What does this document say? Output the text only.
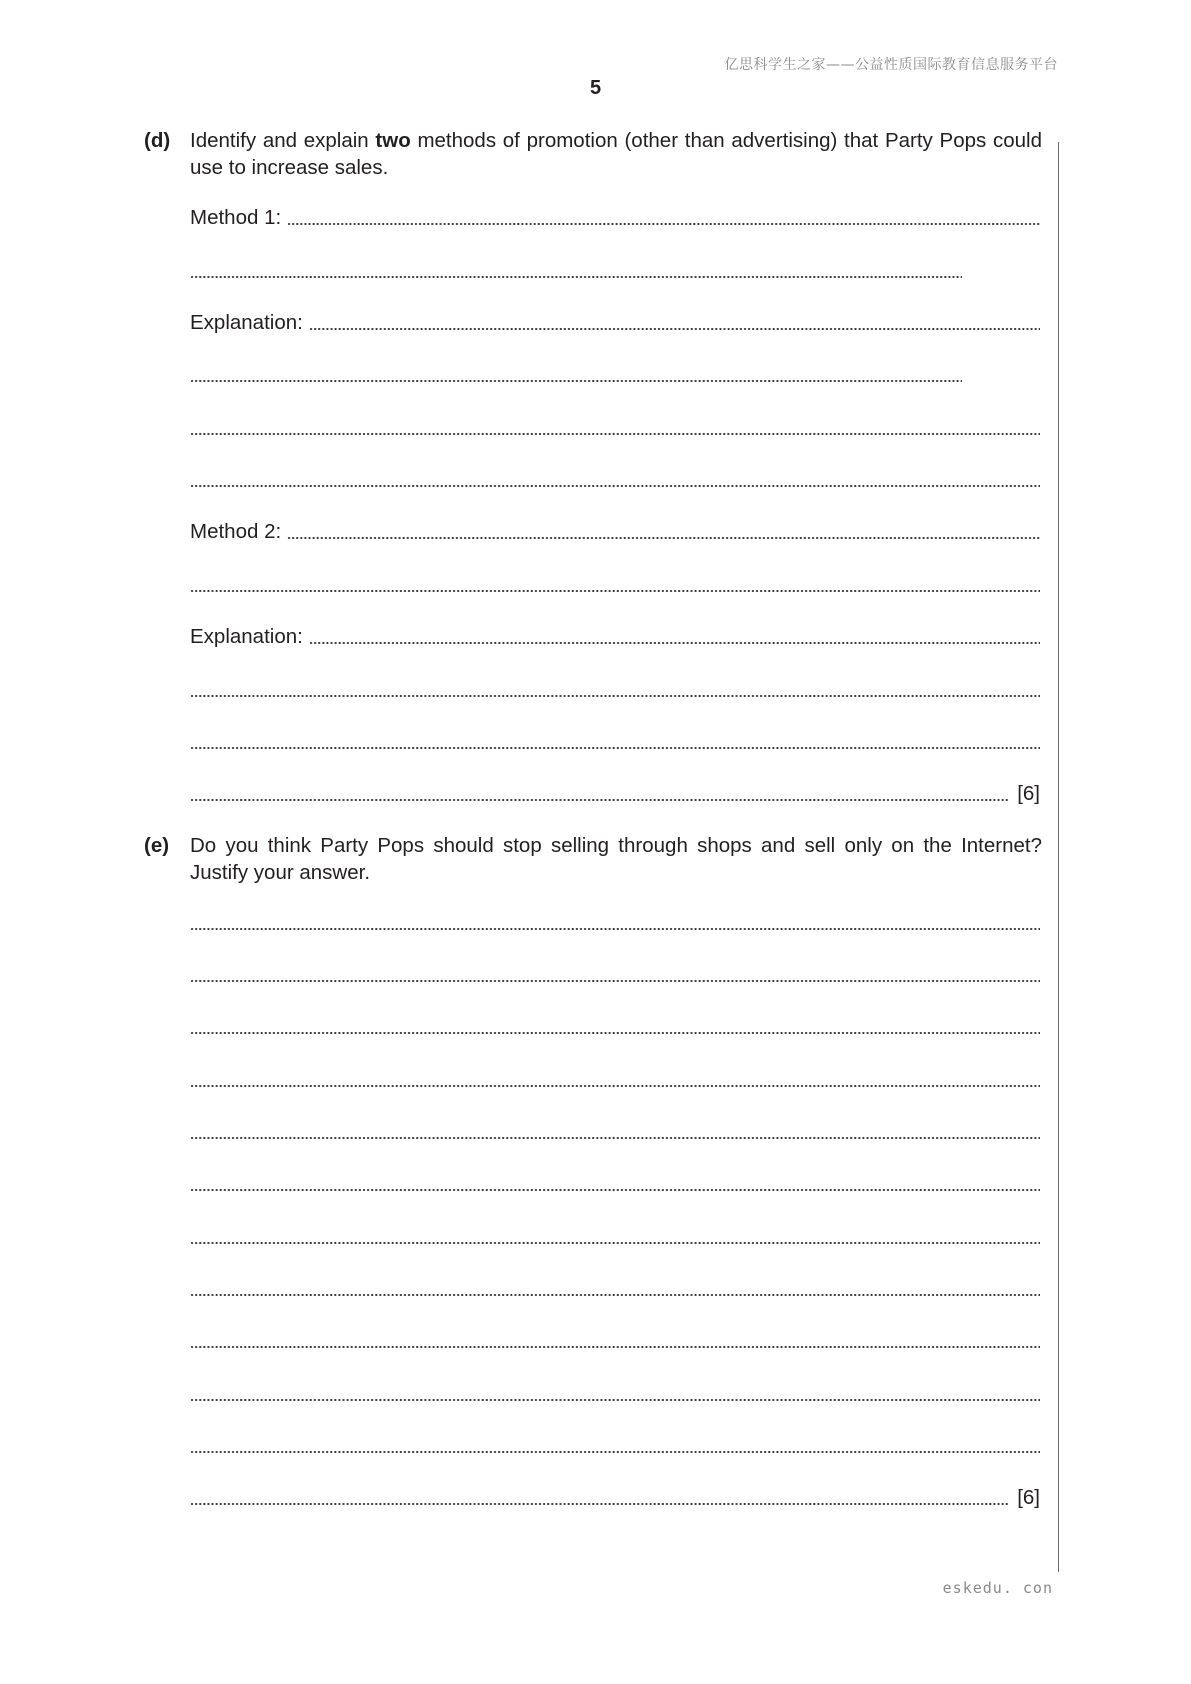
亿思科学生之家——公益性质国际教育信息服务平台
5
(d) Identify and explain two methods of promotion (other than advertising) that Party Pops could use to increase sales.
Method 1:
Explanation:
Method 2:
Explanation:
[6]
(e) Do you think Party Pops should stop selling through shops and sell only on the Internet? Justify your answer.
[6]
eskedu. con
